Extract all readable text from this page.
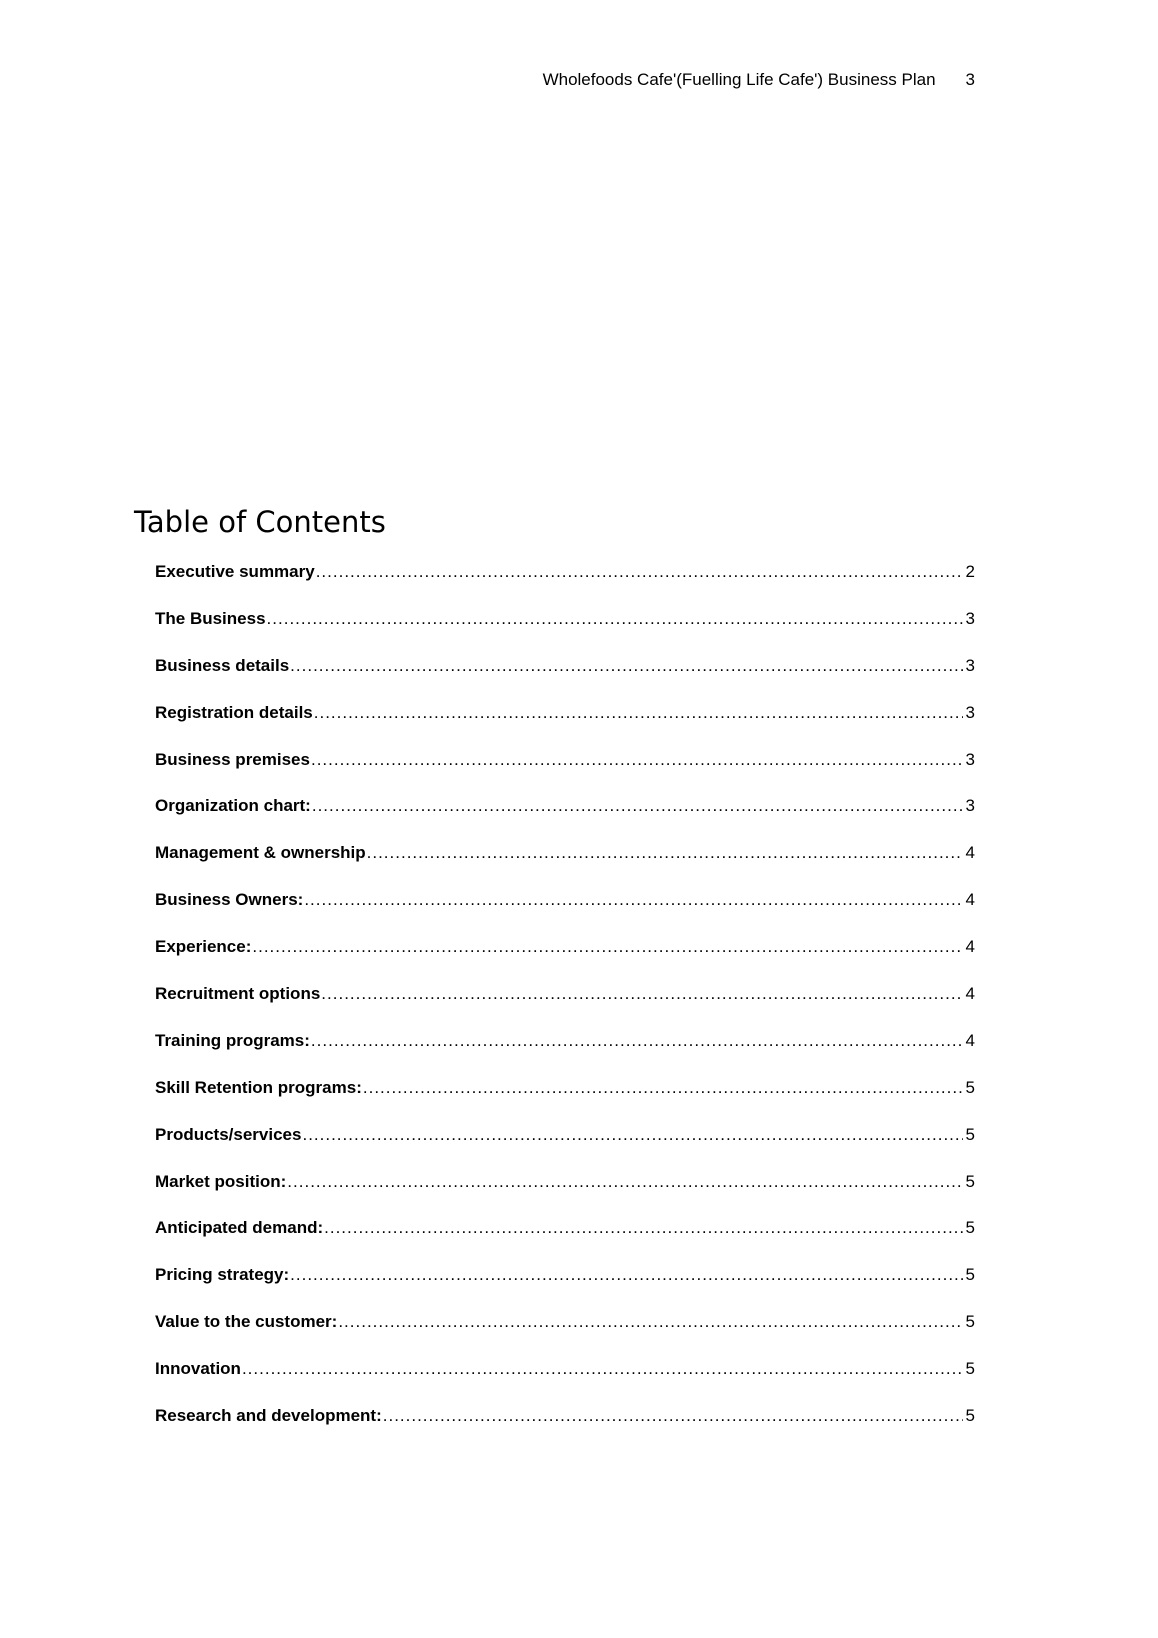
Wholefoods Cafe'(Fuelling Life Cafe') Business Plan 3
Table of Contents
Executive summary .....	2
The Business .....	3
Business details .....	3
Registration details .....	3
Business premises .....	3
Organization chart: .....	3
Management & ownership .....	4
Business Owners: .....	4
Experience: .....	4
Recruitment options .....	4
Training programs: .....	4
Skill Retention programs: .....	5
Products/services .....	5
Market position: .....	5
Anticipated demand: .....	5
Pricing strategy: .....	5
Value to the customer: .....	5
Innovation .....	5
Research and development: .....	5
